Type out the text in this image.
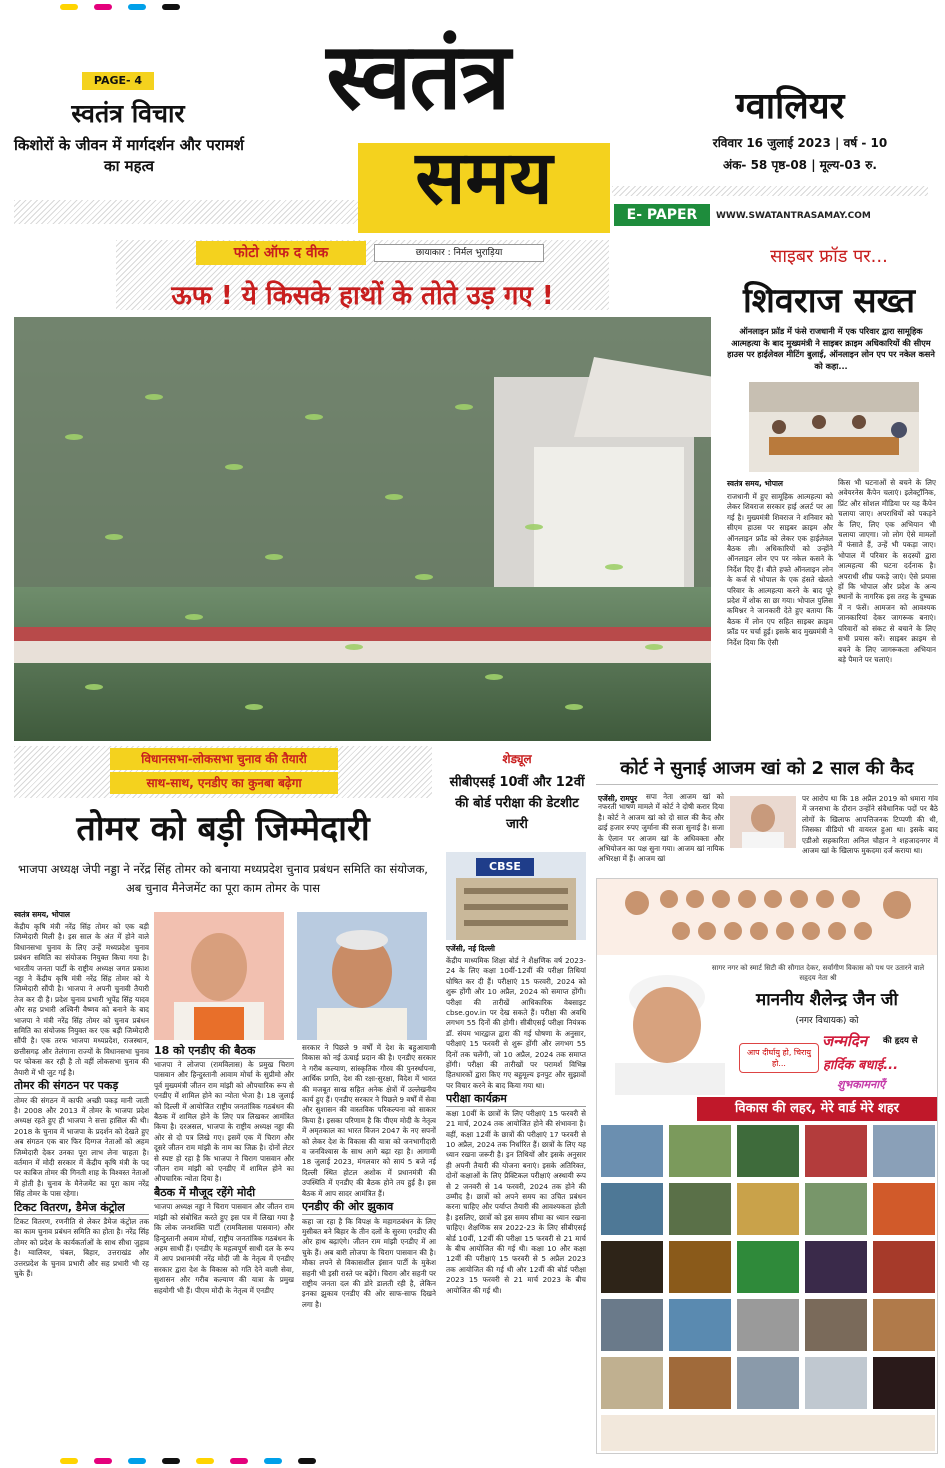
PAGE- 4
स्वतंत्र विचार
किशोरों के जीवन में मार्गदर्शन और परामर्श का महत्व
स्वतंत्र
समय
ग्वालियर
रविवार 16 जुलाई 2023 | वर्ष - 10
अंक- 58 पृष्ठ-08 | मूल्य-03 रु.
E- PAPER	WWW.SWATANTRASAMAY.COM
फोटो ऑफ द वीक	छायाकार : निर्मल भुराड़िया
ऊफ ! ये किसके हाथों के तोते उड़ गए !
साइबर फ्रॉड पर...
शिवराज सख्त
ऑनलाइन फ्रॉड में फंसे राजधानी में एक परिवार द्वारा सामूहिक आत्महत्या के बाद मुख्यमंत्री ने साइबर क्राइम अधिकारियों की सीएम हाउस पर हाईलेवल मीटिंग बुलाई, ऑनलाइन लोन एप पर नकेल कसने को कहा...
स्वतंत्र समय, भोपाल
राजधानी में हुए सामूहिक आत्महत्या को लेकर शिवराज सरकार हाई अलर्ट पर आ गई है। मुख्यमंत्री शिवराज ने शनिवार को सीएम हाउस पर साइबर क्राइम और ऑनलाइन फ्रॉड को लेकर एक हाईलेवल बैठक ली। अधिकारियों को उन्होंने ऑनलाइन लोन एप पर नकेल कसने के निर्देश दिए हैं। बीते हफ्ते ऑनलाइन लोन के कर्ज से भोपाल के एक हंसते खेलते परिवार के आत्महत्या करने के बाद पूरे प्रदेश में शोक सा छा गया। भोपाल पुलिस कमिश्नर ने जानकारी देते हुए बताया कि बैठक में लोन एप सहित साइबर क्राइम फ्रॉड पर चर्चा हुई। इसके बाद मुख्यमंत्री ने निर्देश दिया कि ऐसी
किस भी घटनाओं से बचने के लिए अवेयरनेस कैंपेन चलाएं। इलेक्ट्रॉनिक, प्रिंट और सोशल मीडिया पर यह कैंपेन चलाया जाए। अपराधियों को पकड़ने के लिए, लिए एक अभियान भी चलाया जाएगा। जो लोग ऐसे मामलों में फंसाते हैं, उन्हें भी पकड़ा जाए। भोपाल में परिवार के सदस्यों द्वारा आत्महत्या की घटना दर्दनाक है। अपराधी शीघ्र पकड़े जाएं। ऐसे प्रयास हों कि भोपाल और प्रदेश के अन्य स्थानों के नागरिक इस तरह के दुष्चक्र में न फंसें। आमजन को आवश्यक जानकारियां देकर जागरूक बनाएं। परिवारों को संकट से बचाने के लिए सभी प्रयास करें। साइबर क्राइम से बचने के लिए जागरूकता अभियान बड़े पैमाने पर चलाएं।
विधानसभा-लोकसभा चुनाव की तैयारी
साथ-साथ, एनडीए का कुनबा बढ़ेगा
तोमर को बड़ी जिम्मेदारी
भाजपा अध्यक्ष जेपी नड्डा ने नरेंद्र सिंह तोमर को बनाया मध्यप्रदेश चुनाव प्रबंधन समिति का संयोजक, अब चुनाव मैनेजमेंट का पूरा काम तोमर के पास
स्वतंत्र समय, भोपाल

केंद्रीय कृषि मंत्री नरेंद्र सिंह तोमर को एक बड़ी जिम्मेदारी मिली है। इस साल के अंत में होने वाले विधानसभा चुनाव के लिए उन्हें मध्यप्रदेश चुनाव प्रबंधन समिति का संयोजक नियुक्त किया गया है। भारतीय जनता पार्टी के राष्ट्रीय अध्यक्ष जगत प्रकाश नड्डा ने केंद्रीय कृषि मंत्री नरेंद्र सिंह तोमर को ये जिम्मेदारी सौंपी है। भाजपा ने अपनी चुनावी तैयारी तेज कर दी है। प्रदेश चुनाव प्रभारी भूपेंद्र सिंह यादव और सह प्रभारी अश्विनी वैष्णव को बनाने के बाद भाजपा ने मंत्री नरेंद्र सिंह तोमर को चुनाव प्रबंधन समिति का संयोजक नियुक्त कर एक बड़ी जिम्मेदारी सौंपी है। एक तरफ भाजपा मध्यप्रदेश, राजस्थान, छत्तीसगढ़ और तेलंगाना राज्यों के विधानसभा चुनाव पर फोकस कर रही है तो वहीं लोकसभा चुनाव की तैयारी में भी जुट गई है।

तोमर की संगठन पर पकड़

तोमर की संगठन में काफी अच्छी पकड़ मानी जाती है। 2008 और 2013 में तोमर के भाजपा प्रदेश अध्यक्ष रहते हुए ही भाजपा ने सत्ता हासिल की थी। 2018 के चुनाव में भाजपा के प्रदर्शन को देखते हुए अब संगठन एक बार फिर दिग्गज नेताओं को अहम जिम्मेदारी देकर उनका पूरा लाभ लेना चाहता है। वर्तमान में मोदी सरकार में केंद्रीय कृषि मंत्री के पद पर काबिज तोमर की गिनती शाह के विश्वस्त नेताओं में होती है। चुनाव के मैनेजमेंट का पूरा काम नरेंद्र सिंह तोमर के पास रहेगा।

टिकट वितरण, डैमेज कंट्रोल

टिकट वितरण, रणनीति से लेकर डैमेज कंट्रोल तक का काम चुनाव प्रबंधन समिति का होता है। नरेंद्र सिंह तोमर को प्रदेश के कार्यकर्ताओं के साथ सीधा जुड़ाव है। ग्वालियर, चंबल, बिहार, उत्तराखंड और उत्तरप्रदेश के चुनाव प्रभारी और सह प्रभारी भी रह चुके हैं।

18 को एनडीए की बैठक

भाजपा ने लोजपा (रामविलास) के प्रमुख चिराग पासवान और हिन्दुस्तानी आवाम मोर्चा के सुप्रीमो और पूर्व मुख्यमंत्री जीतन राम मांझी को औपचारिक रूप से एनडीए में शामिल होने का न्योता भेजा है। 18 जुलाई को दिल्ली में आयोजित राष्ट्रीय जनतांत्रिक गठबंधन की बैठक में शामिल होने के लिए पत्र लिखकर आमंत्रित किया है। दरअसल, भाजपा के राष्ट्रीय अध्यक्ष नड्डा की ओर से दो पत्र लिखे गए। इसमें एक में चिराग और दूसरे जीतन राम मांझी के नाम का जिक्र है। दोनों लेटर से स्पष्ट हो रहा है कि भाजपा ने चिराग पासवान और जीतन राम मांझी को एनडीए में शामिल होने का औपचारिक न्योता दिया है।

बैठक में मौजूद रहेंगे मोदी

भाजपा अध्यक्ष नड्डा ने चिराग पासवान और जीतन राम मांझी को संबोधित करते हुए इस पत्र में लिखा गया है कि लोक जनशक्ति पार्टी (रामविलास पासवान) और हिन्दुस्तानी अवाम मोर्चा, राष्ट्रीय जनतांत्रिक गठबंधन के अहम साथी हैं। एनडीए के महत्वपूर्ण साथी दल के रूप में आप प्रधानमंत्री नरेंद्र मोदी जी के नेतृत्व में एनडीए सरकार द्वारा देश के विकास को गति देने वाली सेवा, सुशासन और गरीब कल्याण की यात्रा के प्रमुख सहयोगी भी हैं। पीएम मोदी के नेतृत्व में एनडीए

सरकार ने पिछले 9 वर्षों में देश के बहुआयामी विकास को नई ऊंचाई प्रदान की है। एनडीए सरकार ने गरीब कल्याण, सांस्कृतिक गौरव की पुनर्स्थापना, आर्थिक प्रगति, देश की रक्षा-सुरक्षा, विदेश में भारत की मजबूत साख सहित अनेक क्षेत्रों में उल्लेखनीय कार्य हुए हैं। एनडीए सरकार ने पिछले 9 वर्षों में सेवा और सुशासन की वास्तविक परिकल्पना को साकार किया है। इसका परिणाम है कि पीएम मोदी के नेतृत्व में अमृतकाल का भारत विजन 2047 के नए सपनों को लेकर देश के विकास की यात्रा को जनभागीदारी व जनविश्वास के साथ आगे बढ़ा रहा है। आगामी 18 जुलाई 2023, मंगलवार को सायं 5 बजे नई दिल्ली स्थित होटल अशोक में प्रधानमंत्री की उपस्थिति में एनडीए की बैठक होने तय हुई है। इस बैठक में आप सादर आमंत्रित हैं।

एनडीए की ओर झुकाव

कहा जा रहा है कि विपक्ष के महागठबंधन के लिए मुसीबत बने बिहार के तीन दलों के सुरमा एनडीए की ओर हाथ बढ़ाएंगे। जीतन राम मांझी एनडीए में आ चुके हैं। अब बारी लोजपा के चिराग पासवान की है। मौका लपने से विकासशील इंसान पार्टी के मुकेश सहनी भी इसी रास्ते पर बढ़ेंगे। चिराग और सहनी पर राष्ट्रीय जनता दल की डोरे डालती रही है, लेकिन इनका झुकाव एनडीए की ओर साफ-साफ दिखने लगा है।

शेड्यूल
सीबीएसई 10वीं और 12वीं की बोर्ड परीक्षा की डेटशीट जारी
CBSE
एजेंसी, नई दिल्ली

केंद्रीय माध्यमिक शिक्षा बोर्ड ने शैक्षणिक वर्ष 2023-24 के लिए कक्षा 10वीं-12वीं की परीक्षा तिथियां घोषित कर दी हैं। परीक्षाएं 15 फरवरी, 2024 को शुरू होंगी और 10 अप्रैल, 2024 को समाप्त होंगी। परीक्षा की तारीखें आधिकारिक वेबसाइट cbse.gov.in पर देख सकते हैं। परीक्षा की अवधि लगभग 55 दिनों की होगी। सीबीएसई परीक्षा नियंत्रक डॉ. संयम भारद्वाज द्वारा की गई घोषणा के अनुसार, परीक्षाएं 15 फरवरी से शुरू होंगी और लगभग 55 दिनों तक चलेंगी, जो 10 अप्रैल, 2024 तक समाप्त होंगी। परीक्षा की तारीखों पर परामर्श विभिन्न हितधारकों द्वारा किए गए बहुमूल्य इनपुट और सुझावों पर विचार करने के बाद किया गया था।

परीक्षा कार्यक्रम

कक्षा 10वीं के छात्रों के लिए परीक्षाएं 15 फरवरी से 21 मार्च, 2024 तक आयोजित होने की संभावना है। वहीं, कक्षा 12वीं के छात्रों की परीक्षाएं 17 फरवरी से 10 अप्रैल, 2024 तक निर्धारित हैं। छात्रों के लिए यह ध्यान रखना जरूरी है। इन तिथियों और इसके अनुसार ही अपनी तैयारी की योजना बनाएं। इसके अतिरिक्त, दोनों कक्षाओं के लिए प्रैक्टिकल परीक्षाएं अस्थायी रूप से 2 जनवरी से 14 फरवरी, 2024 तक होने की उम्मीद है। छात्रों को अपने समय का उचित प्रबंधन करना चाहिए और पर्याप्त तैयारी की आवश्यकता होती है। इसलिए, छात्रों को इस समय सीमा का ध्यान रखना चाहिए। शैक्षणिक सत्र 2022-23 के लिए सीबीएसई बोर्ड 10वीं, 12वीं की परीक्षा 15 फरवरी से 21 मार्च के बीच आयोजित की गई थी। कक्षा 10 और कक्षा 12वीं की परीक्षाएं 15 फरवरी से 5 अप्रैल 2023 तक आयोजित की गई थी और 12वीं की बोर्ड परीक्षा 2023 15 फरवरी से 21 मार्च 2023 के बीच आयोजित की गई थी।

कोर्ट ने सुनाई आजम खां को 2 साल की कैद
एजेंसी, रामपुर	सपा नेता आजम खां को नफरती भाषण मामले में कोर्ट ने दोषी करार दिया है। कोर्ट ने आजम खां को दो साल की कैद और ढाई हजार रुपए जुर्माना की सजा सुनाई है। सजा के ऐलान पर आजम खां के अधिवक्ता और अभियोजन का पक्ष सुना गया। आजम खां नायिक अभिरक्षा में हैं। आजम खां
पर आरोप था कि 18 अप्रैल 2019 को धमारा गांव में जनसभा के दौरान उन्होंने संवैधानिक पदों पर बैठे लोगों के खिलाफ आपत्तिजनक टिप्पणी की थी, जिसका वीडियो भी वायरल हुआ था। इसके बाद एडीओ सहकारिता अनिल चौहान ने शहजादनगर में आजम खां के खिलाफ मुकदमा दर्ज कराया था।
सागर नगर को स्मार्ट सिटी की सौगात देकर, सर्वांगीण विकास को पथ पर उतारने वाले सहृदय नेता श्री
माननीय शैलेन्द्र जैन जी
(नगर विधायक) को
आप दीर्घायु हो, चिरायु हो...
जन्मदिन	की हृदय से
हार्दिक बधाई...
शुभकामनाएँ
विकास की लहर, मेरे वार्ड मेरे शहर
